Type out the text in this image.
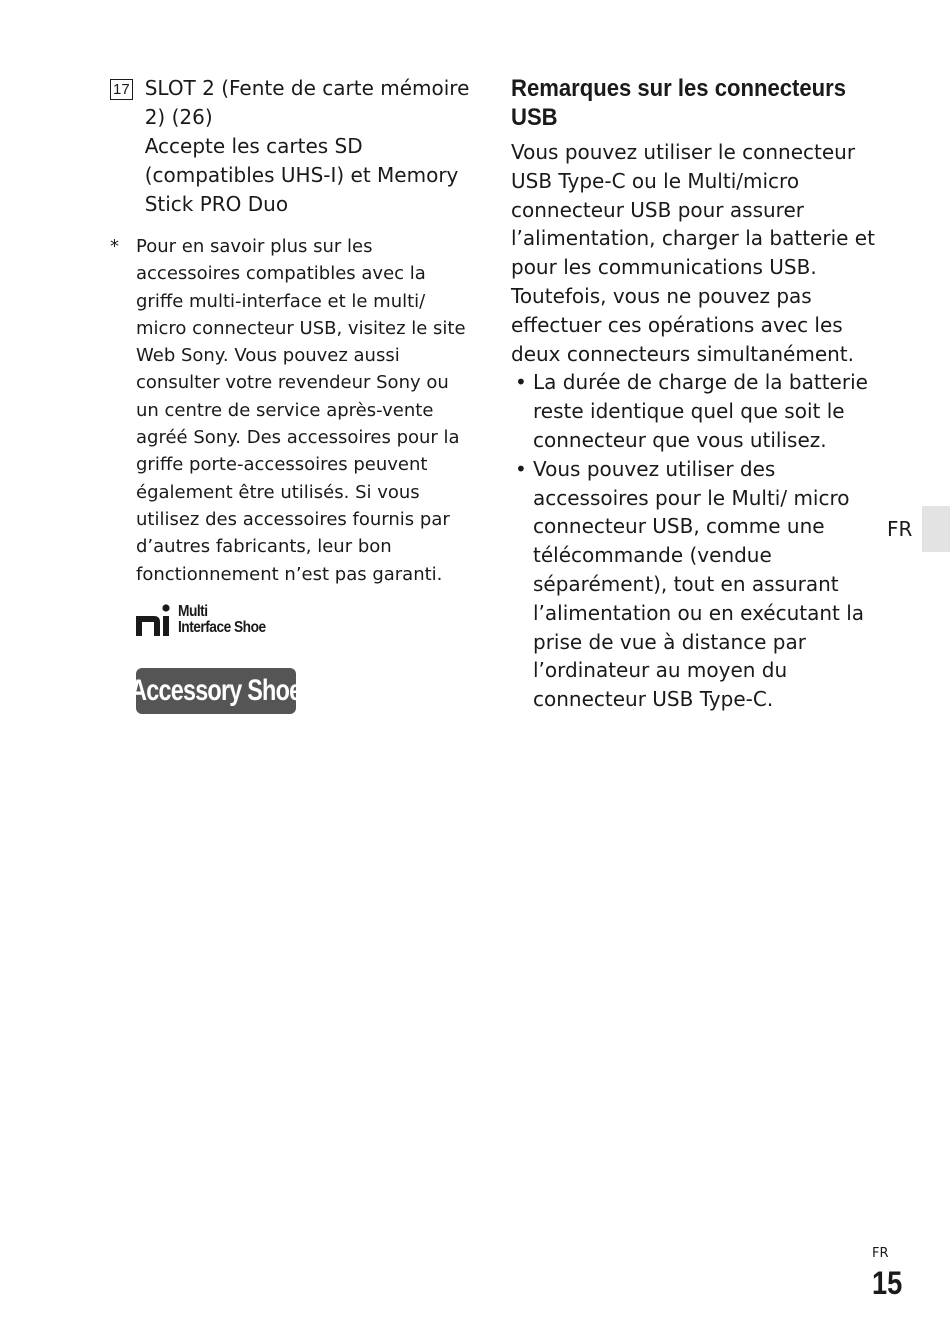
17 SLOT 2 (Fente de carte mémoire 2) (26)
Accepte les cartes SD (compatibles UHS-I) et Memory Stick PRO Duo
* Pour en savoir plus sur les accessoires compatibles avec la griffe multi-interface et le multi/ micro connecteur USB, visitez le site Web Sony. Vous pouvez aussi consulter votre revendeur Sony ou un centre de service après-vente agréé Sony. Des accessoires pour la griffe porte-accessoires peuvent également être utilisés. Si vous utilisez des accessoires fournis par d’autres fabricants, leur bon fonctionnement n’est pas garanti.
Multi
Interface Shoe
Accessory Shoe
Remarques sur les connecteurs USB

Vous pouvez utiliser le connecteur USB Type-C ou le Multi/micro connecteur USB pour assurer l’alimentation, charger la batterie et pour les communications USB. Toutefois, vous ne pouvez pas effectuer ces opérations avec les deux connecteurs simultanément.

• La durée de charge de la batterie reste identique quel que soit le connecteur que vous utilisez.
• Vous pouvez utiliser des accessoires pour le Multi/ micro connecteur USB, comme une télécommande (vendue séparément), tout en assurant l’alimentation ou en exécutant la prise de vue à distance par l’ordinateur au moyen du connecteur USB Type-C.
FR
FR
15
